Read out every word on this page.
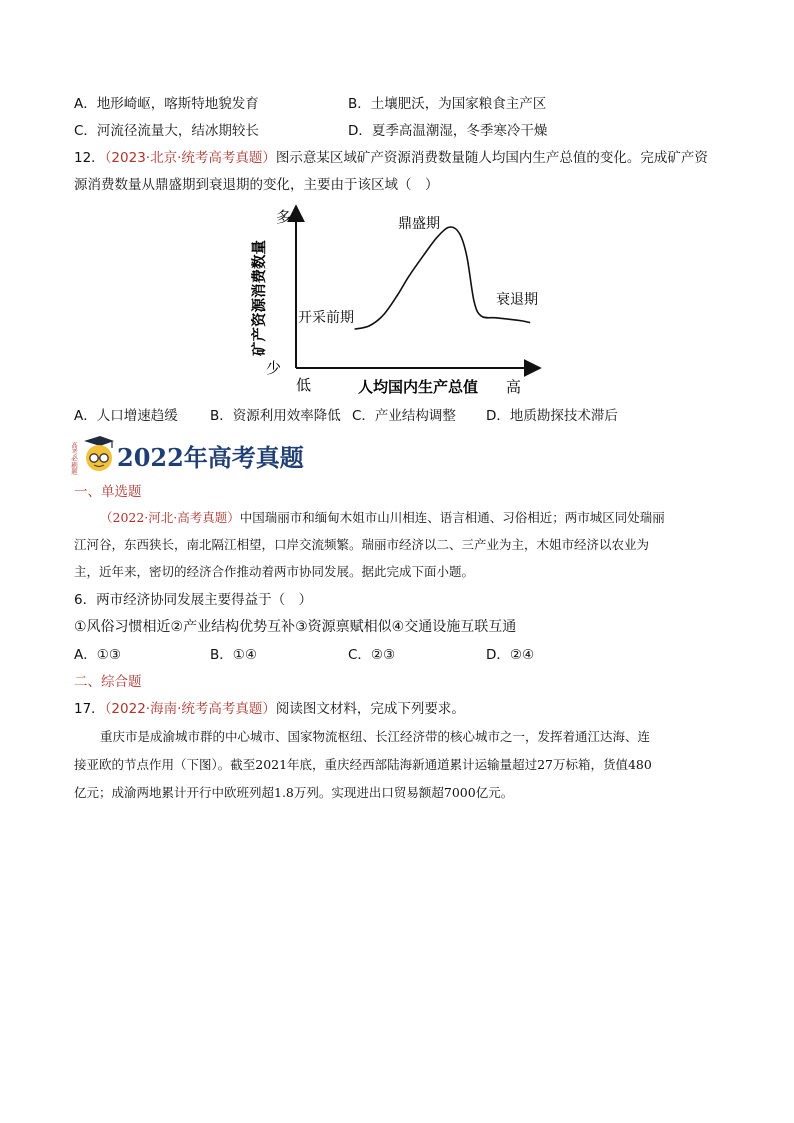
A．地形崎岖，喀斯特地貌发育	B．土壤肥沃，为国家粮食主产区
C．河流径流量大，结冰期较长	D．夏季高温潮湿，冬季寒冷干燥
12．（2023·北京·统考高考真题）图示意某区域矿产资源消费数量随人均国内生产总值的变化。完成矿产资
源消费数量从鼎盛期到衰退期的变化，主要由于该区域（　）
多
少
低	高
人均国内生产总值
矿产资源消费数量 开采前期
鼎盛期
衰退期
A．人口增速趋缓 B．资源利用效率降低 C．产业结构调整 D．地质勘探技术滞后
高考必刷题 2022年高考真题
一、单选题
（2022·河北·高考真题）中国瑞丽市和缅甸木姐市山川相连、语言相通、习俗相近；两市城区同处瑞丽
江河谷，东西狭长，南北隔江相望，口岸交流频繁。瑞丽市经济以二、三产业为主，木姐市经济以农业为
主，近年来，密切的经济合作推动着两市协同发展。据此完成下面小题。
6．两市经济协同发展主要得益于（　）
①风俗习惯相近②产业结构优势互补③资源禀赋相似④交通设施互联互通
A．①③	B．①④	C．②③	D．②④
二、综合题
17．（2022·海南·统考高考真题）阅读图文材料，完成下列要求。
重庆市是成渝城市群的中心城市、国家物流枢纽、长江经济带的核心城市之一，发挥着通江达海、连
接亚欧的节点作用（下图）。截至2021年底，重庆经西部陆海新通道累计运输量超过27万标箱，货值480
亿元；成渝两地累计开行中欧班列超1.8万列。实现进出口贸易额超7000亿元。
